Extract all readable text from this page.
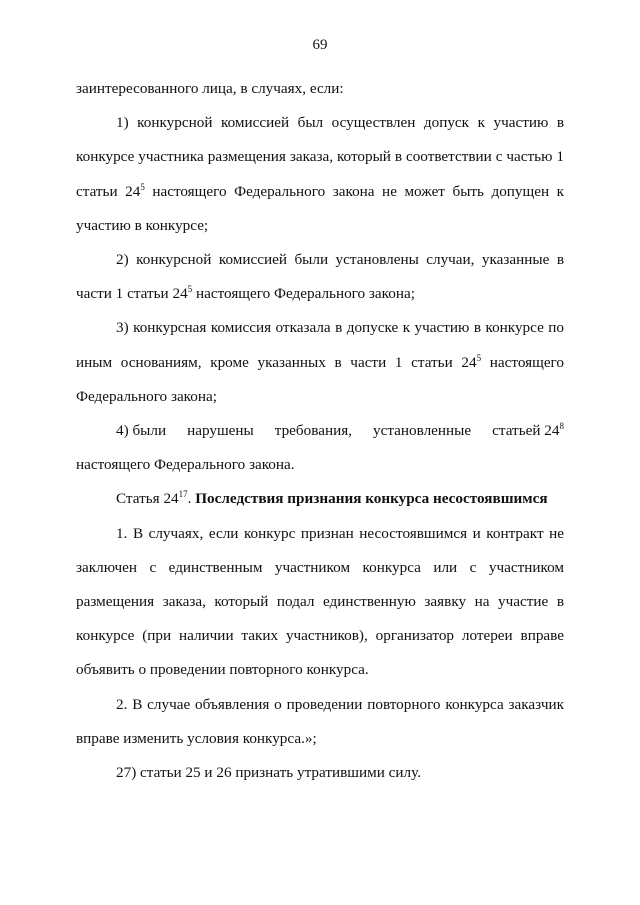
69

заинтересованного лица, в случаях, если:

1) конкурсной комиссией был осуществлен допуск к участию в конкурсе участника размещения заказа, который в соответствии с частью 1 статьи $24^5$ настоящего Федерального закона не может быть допущен к участию в конкурсе;

2) конкурсной комиссией были установлены случаи, указанные в части 1 статьи $24^5$ настоящего Федерального закона;

3) конкурсная комиссия отказала в допуске к участию в конкурсе по иным основаниям, кроме указанных в части 1 статьи $24^5$ настоящего Федерального закона;

4) были нарушены требования, установленные статьей $24^8$

настоящего Федерального закона.

Статья $24^{17}$. Последствия признания конкурса несостоявшимся

1. В случаях, если конкурс признан несостоявшимся и контракт не заключен с единственным участником конкурса или с участником размещения заказа, который подал единственную заявку на участие в конкурсе (при наличии таких участников), организатор лотереи вправе объявить о проведении повторного конкурса.

2. В случае объявления о проведении повторного конкурса заказчик вправе изменить условия конкурса.»;

27) статьи 25 и 26 признать утратившими силу.
